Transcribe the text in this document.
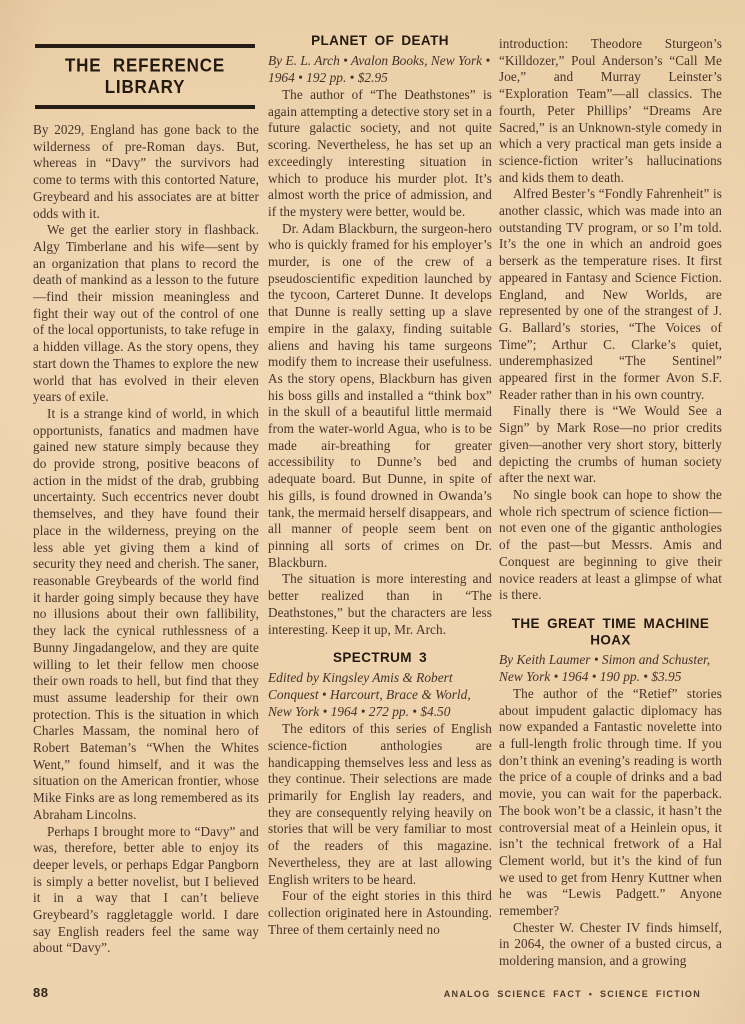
THE REFERENCE LIBRARY

By 2029, England has gone back to the wilderness of pre-Roman days. But, whereas in “Davy” the survivors had come to terms with this contorted Nature, Greybeard and his associates are at bitter odds with it.

We get the earlier story in flashback. Algy Timberlane and his wife—sent by an organization that plans to record the death of mankind as a lesson to the future—find their mission meaningless and fight their way out of the control of one of the local opportunists, to take refuge in a hidden village. As the story opens, they start down the Thames to explore the new world that has evolved in their eleven years of exile.

It is a strange kind of world, in which opportunists, fanatics and madmen have gained new stature simply because they do provide strong, positive beacons of action in the midst of the drab, grubbing uncertainty. Such eccentrics never doubt themselves, and they have found their place in the wilderness, preying on the less able yet giving them a kind of security they need and cherish. The saner, reasonable Greybeards of the world find it harder going simply because they have no illusions about their own fallibility, they lack the cynical ruthlessness of a Bunny Jingadangelow, and they are quite willing to let their fellow men choose their own roads to hell, but find that they must assume leadership for their own protection. This is the situation in which Charles Massam, the nominal hero of Robert Bateman’s “When the Whites Went,” found himself, and it was the situation on the American frontier, whose Mike Finks are as long remembered as its Abraham Lincolns.

Perhaps I brought more to “Davy” and was, therefore, better able to enjoy its deeper levels, or perhaps Edgar Pangborn is simply a better novelist, but I believed it in a way that I can’t believe Greybeard’s raggletaggle world. I dare say English readers feel the same way about “Davy”.

PLANET OF DEATH

By E. L. Arch • Avalon Books, New York • 1964 • 192 pp. • $2.95

The author of “The Deathstones” is again attempting a detective story set in a future galactic society, and not quite scoring. Nevertheless, he has set up an exceedingly interesting situation in which to produce his murder plot. It’s almost worth the price of admission, and if the mystery were better, would be.

Dr. Adam Blackburn, the surgeon-hero who is quickly framed for his employer’s murder, is one of the crew of a pseudoscientific expedition launched by the tycoon, Carteret Dunne. It develops that Dunne is really setting up a slave empire in the galaxy, finding suitable aliens and having his tame surgeons modify them to increase their usefulness. As the story opens, Blackburn has given his boss gills and installed a “think box” in the skull of a beautiful little mermaid from the water-world Agua, who is to be made air-breathing for greater accessibility to Dunne’s bed and adequate board. But Dunne, in spite of his gills, is found drowned in Owanda’s tank, the mermaid herself disappears, and all manner of people seem bent on pinning all sorts of crimes on Dr. Blackburn.

The situation is more interesting and better realized than in “The Deathstones,” but the characters are less interesting. Keep it up, Mr. Arch.

SPECTRUM 3

Edited by Kingsley Amis & Robert Conquest • Harcourt, Brace & World, New York • 1964 • 272 pp. • $4.50

The editors of this series of English science-fiction anthologies are handicapping themselves less and less as they continue. Their selections are made primarily for English lay readers, and they are consequently relying heavily on stories that will be very familiar to most of the readers of this magazine. Nevertheless, they are at last allowing English writers to be heard.

Four of the eight stories in this third collection originated here in Astounding. Three of them certainly need no

introduction: Theodore Sturgeon’s “Killdozer,” Poul Anderson’s “Call Me Joe,” and Murray Leinster’s “Exploration Team”—all classics. The fourth, Peter Phillips’ “Dreams Are Sacred,” is an Unknown-style comedy in which a very practical man gets inside a science-fiction writer’s hallucinations and kids them to death.

Alfred Bester’s “Fondly Fahrenheit” is another classic, which was made into an outstanding TV program, or so I’m told. It’s the one in which an android goes berserk as the temperature rises. It first appeared in Fantasy and Science Fiction. England, and New Worlds, are represented by one of the strangest of J. G. Ballard’s stories, “The Voices of Time”; Arthur C. Clarke’s quiet, underemphasized “The Sentinel” appeared first in the former Avon S.F. Reader rather than in his own country.

Finally there is “We Would See a Sign” by Mark Rose—no prior credits given—another very short story, bitterly depicting the crumbs of human society after the next war.

No single book can hope to show the whole rich spectrum of science fiction—not even one of the gigantic anthologies of the past—but Messrs. Amis and Conquest are beginning to give their novice readers at least a glimpse of what is there.

THE GREAT TIME MACHINE HOAX

By Keith Laumer • Simon and Schuster, New York • 1964 • 190 pp. • $3.95

The author of the “Retief” stories about impudent galactic diplomacy has now expanded a Fantastic novelette into a full-length frolic through time. If you don’t think an evening’s reading is worth the price of a couple of drinks and a bad movie, you can wait for the paperback. The book won’t be a classic, it hasn’t the controversial meat of a Heinlein opus, it isn’t the technical fretwork of a Hal Clement world, but it’s the kind of fun we used to get from Henry Kuttner when he was “Lewis Padgett.” Anyone remember?

Chester W. Chester IV finds himself, in 2064, the owner of a busted circus, a moldering mansion, and a growing

88	ANALOG SCIENCE FACT • SCIENCE FICTION
